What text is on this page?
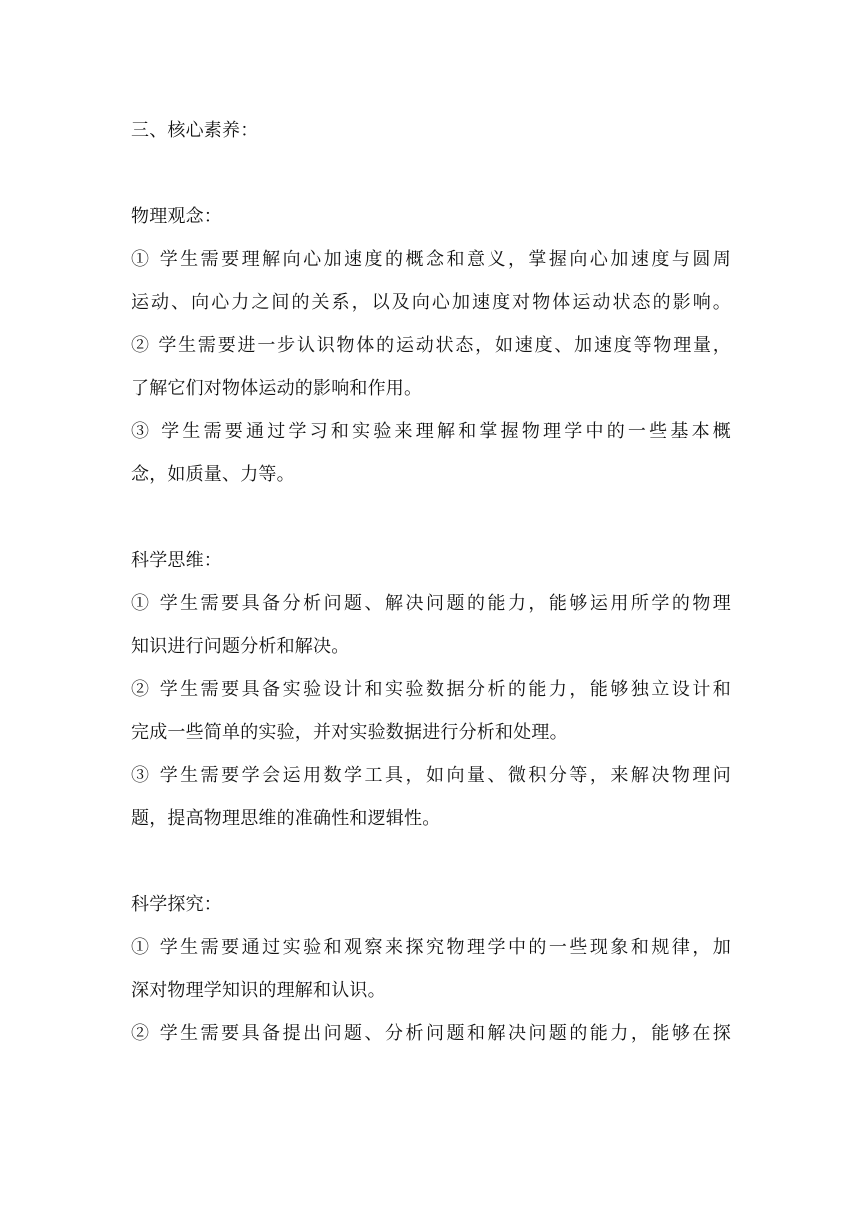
三、核心素养：
物理观念：
① 学生需要理解向心加速度的概念和意义，掌握向心加速度与圆周
运动、向心力之间的关系，以及向心加速度对物体运动状态的影响。
② 学生需要进一步认识物体的运动状态，如速度、加速度等物理量，
了解它们对物体运动的影响和作用。
③ 学生需要通过学习和实验来理解和掌握物理学中的一些基本概
念，如质量、力等。
科学思维：
① 学生需要具备分析问题、解决问题的能力，能够运用所学的物理
知识进行问题分析和解决。
② 学生需要具备实验设计和实验数据分析的能力，能够独立设计和
完成一些简单的实验，并对实验数据进行分析和处理。
③ 学生需要学会运用数学工具，如向量、微积分等，来解决物理问
题，提高物理思维的准确性和逻辑性。
科学探究：
① 学生需要通过实验和观察来探究物理学中的一些现象和规律，加
深对物理学知识的理解和认识。
② 学生需要具备提出问题、分析问题和解决问题的能力，能够在探
